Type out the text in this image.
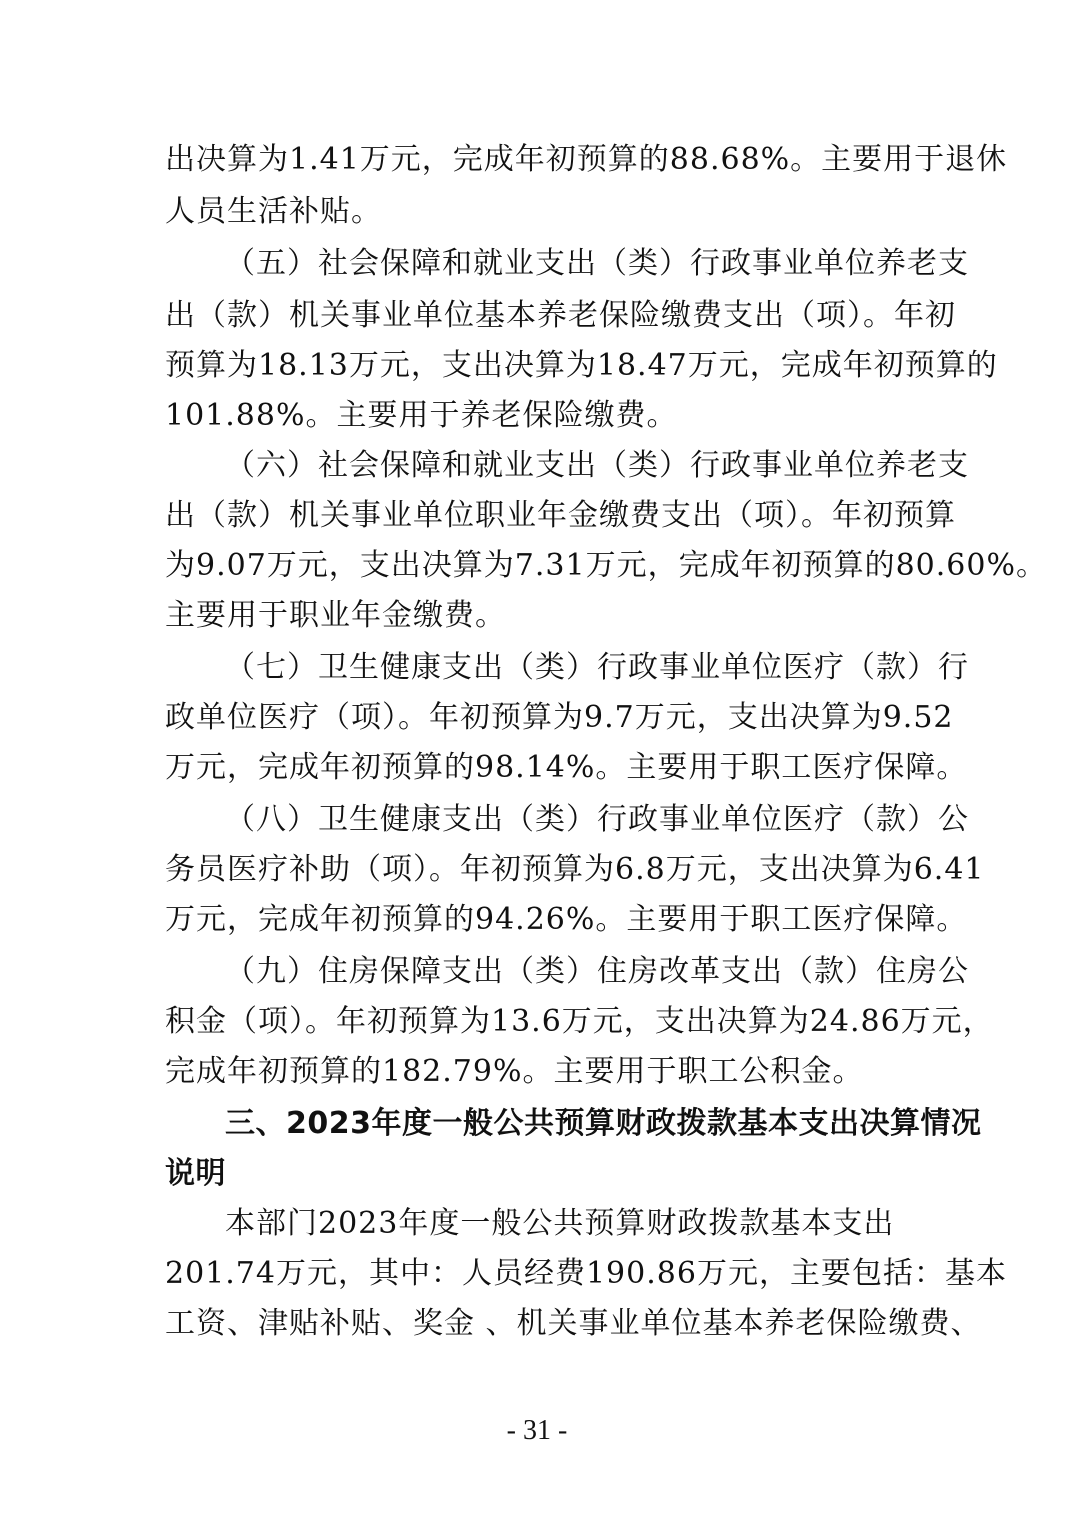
出决算为1.41万元，完成年初预算的88.68%。主要用于退休
人员生活补贴。
（五）社会保障和就业支出（类）行政事业单位养老支
出（款）机关事业单位基本养老保险缴费支出（项）。年初
预算为18.13万元，支出决算为18.47万元，完成年初预算的
101.88%。主要用于养老保险缴费。
（六）社会保障和就业支出（类）行政事业单位养老支
出（款）机关事业单位职业年金缴费支出（项）。年初预算
为9.07万元，支出决算为7.31万元，完成年初预算的80.60%。
主要用于职业年金缴费。
（七）卫生健康支出（类）行政事业单位医疗（款）行
政单位医疗（项）。年初预算为9.7万元，支出决算为9.52
万元，完成年初预算的98.14%。主要用于职工医疗保障。
（八）卫生健康支出（类）行政事业单位医疗（款）公
务员医疗补助（项）。年初预算为6.8万元，支出决算为6.41
万元，完成年初预算的94.26%。主要用于职工医疗保障。
（九）住房保障支出（类）住房改革支出（款）住房公
积金（项）。年初预算为13.6万元，支出决算为24.86万元，
完成年初预算的182.79%。主要用于职工公积金。
三、2023年度一般公共预算财政拨款基本支出决算情况
说明
本部门2023年度一般公共预算财政拨款基本支出
201.74万元，其中：人员经费190.86万元，主要包括：基本
工资、津贴补贴、奖金 、机关事业单位基本养老保险缴费、
- 31 -
